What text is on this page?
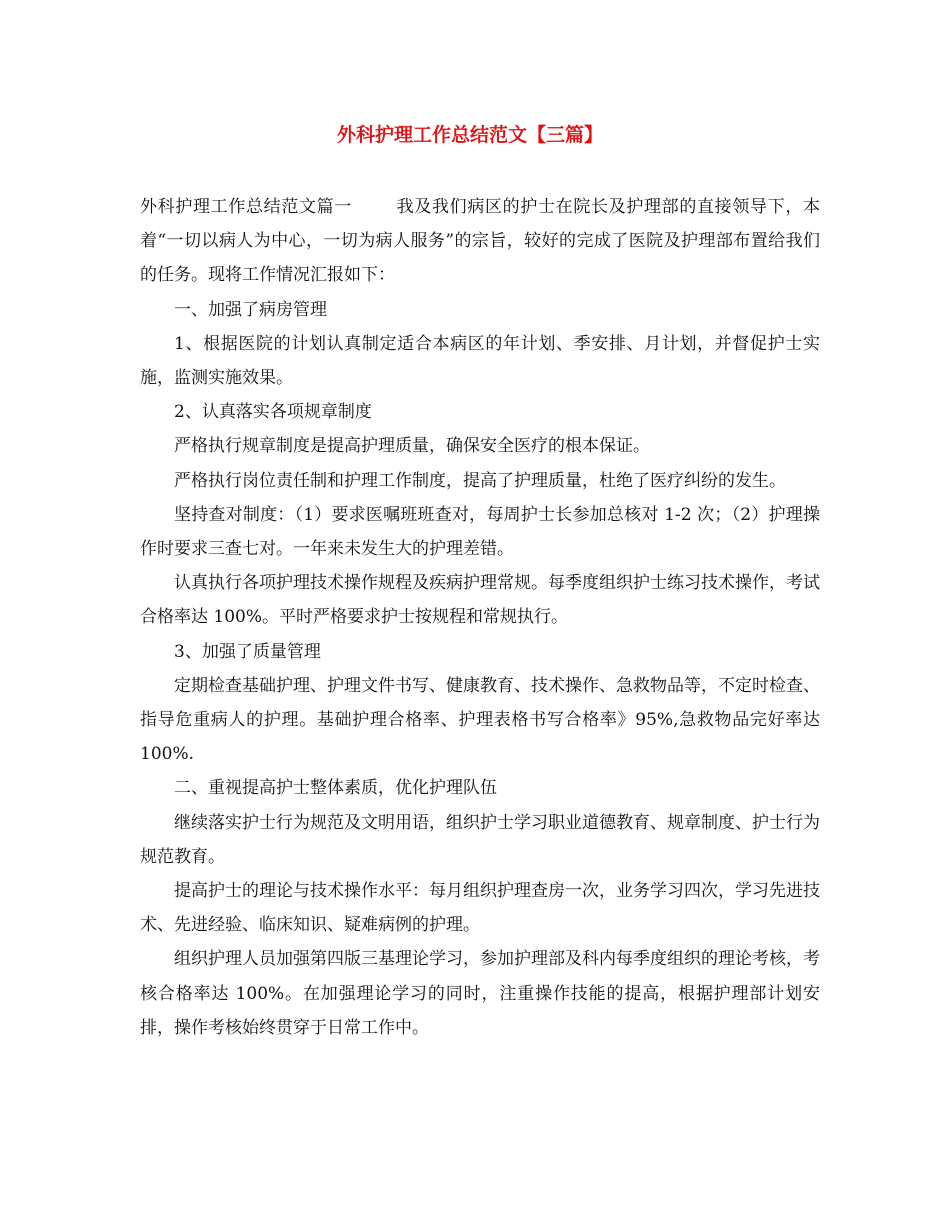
外科护理工作总结范文【三篇】

外科护理工作总结范文篇一	我及我们病区的护士在院长及护理部的直接领导下，本着“一切以病人为中心，一切为病人服务”的宗旨，较好的完成了医院及护理部布置给我们的任务。现将工作情况汇报如下：

一、加强了病房管理

1、根据医院的计划认真制定适合本病区的年计划、季安排、月计划，并督促护士实施，监测实施效果。

2、认真落实各项规章制度

严格执行规章制度是提高护理质量，确保安全医疗的根本保证。

严格执行岗位责任制和护理工作制度，提高了护理质量，杜绝了医疗纠纷的发生。

坚持查对制度：（1）要求医嘱班班查对，每周护士长参加总核对 1-2 次；（2）护理操作时要求三查七对。一年来未发生大的护理差错。

认真执行各项护理技术操作规程及疾病护理常规。每季度组织护士练习技术操作，考试合格率达 100%。平时严格要求护士按规程和常规执行。

3、加强了质量管理

定期检查基础护理、护理文件书写、健康教育、技术操作、急救物品等，不定时检查、指导危重病人的护理。基础护理合格率、护理表格书写合格率》95%,急救物品完好率达 100%.

二、重视提高护士整体素质，优化护理队伍

继续落实护士行为规范及文明用语，组织护士学习职业道德教育、规章制度、护士行为规范教育。

提高护士的理论与技术操作水平：每月组织护理查房一次，业务学习四次，学习先进技术、先进经验、临床知识、疑难病例的护理。

组织护理人员加强第四版三基理论学习，参加护理部及科内每季度组织的理论考核，考核合格率达 100%。在加强理论学习的同时，注重操作技能的提高，根据护理部计划安排，操作考核始终贯穿于日常工作中。
